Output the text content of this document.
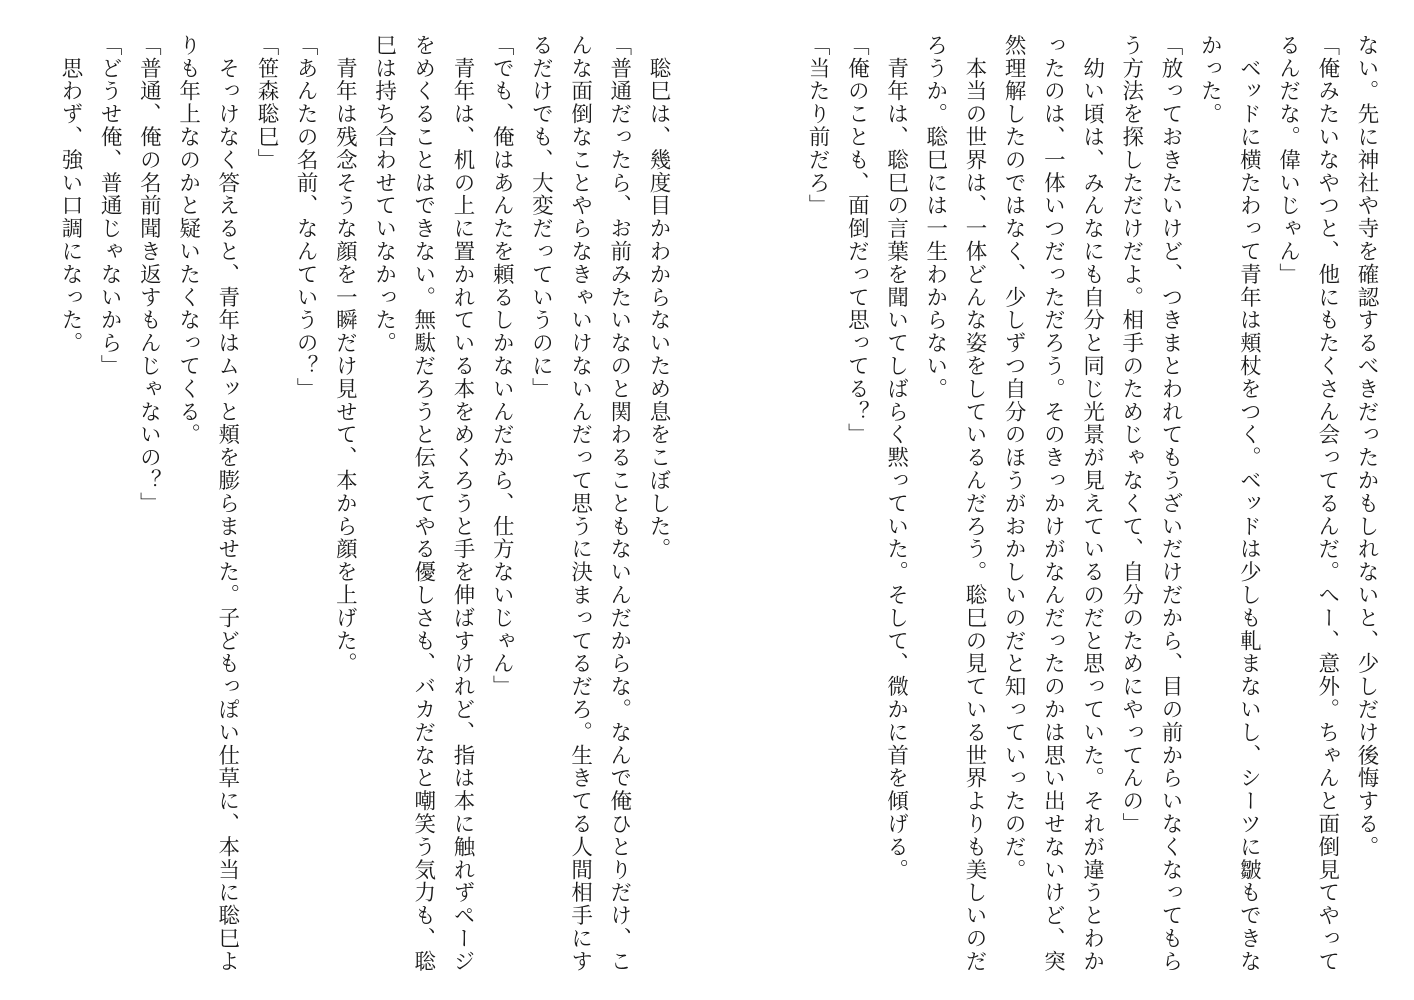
ない。先に神社や寺を確認するべきだったかもしれないと、少しだけ後悔する。
「俺みたいなやつと、他にもたくさん会ってるんだ。へー、意外。ちゃんと面倒見てやって
るんだな。偉いじゃん」
　ベッドに横たわって青年は頬杖をつく。ベッドは少しも軋まないし、シーツに皺もできな
かった。
「放っておきたいけど、つきまとわれてもうざいだけだから、目の前からいなくなってもら
う方法を探しただけだよ。相手のためじゃなくて、自分のためにやってんの」
　幼い頃は、みんなにも自分と同じ光景が見えているのだと思っていた。それが違うとわか
ったのは、一体いつだっただろう。そのきっかけがなんだったのかは思い出せないけど、突
然理解したのではなく、少しずつ自分のほうがおかしいのだと知っていったのだ。
　本当の世界は、一体どんな姿をしているんだろう。聡巳の見ている世界よりも美しいのだ
ろうか。聡巳には一生わからない。
　青年は、聡巳の言葉を聞いてしばらく黙っていた。そして、微かに首を傾げる。
「俺のことも、面倒だって思ってる？」
「当たり前だろ」
　聡巳は、幾度目かわからないため息をこぼした。
「普通だったら、お前みたいなのと関わることもないんだからな。なんで俺ひとりだけ、こ
んな面倒なことやらなきゃいけないんだって思うに決まってるだろ。生きてる人間相手にす
るだけでも、大変だっていうのに」
「でも、俺はあんたを頼るしかないんだから、仕方ないじゃん」
　青年は、机の上に置かれている本をめくろうと手を伸ばすけれど、指は本に触れずページ
をめくることはできない。無駄だろうと伝えてやる優しさも、バカだなと嘲笑う気力も、聡
巳は持ち合わせていなかった。
　青年は残念そうな顔を一瞬だけ見せて、本から顔を上げた。
「あんたの名前、なんていうの？」
「笹森聡巳」
　そっけなく答えると、青年はムッと頬を膨らませた。子どもっぽい仕草に、本当に聡巳よ
りも年上なのかと疑いたくなってくる。
「普通、俺の名前聞き返すもんじゃないの？」
「どうせ俺、普通じゃないから」
　思わず、強い口調になった。
